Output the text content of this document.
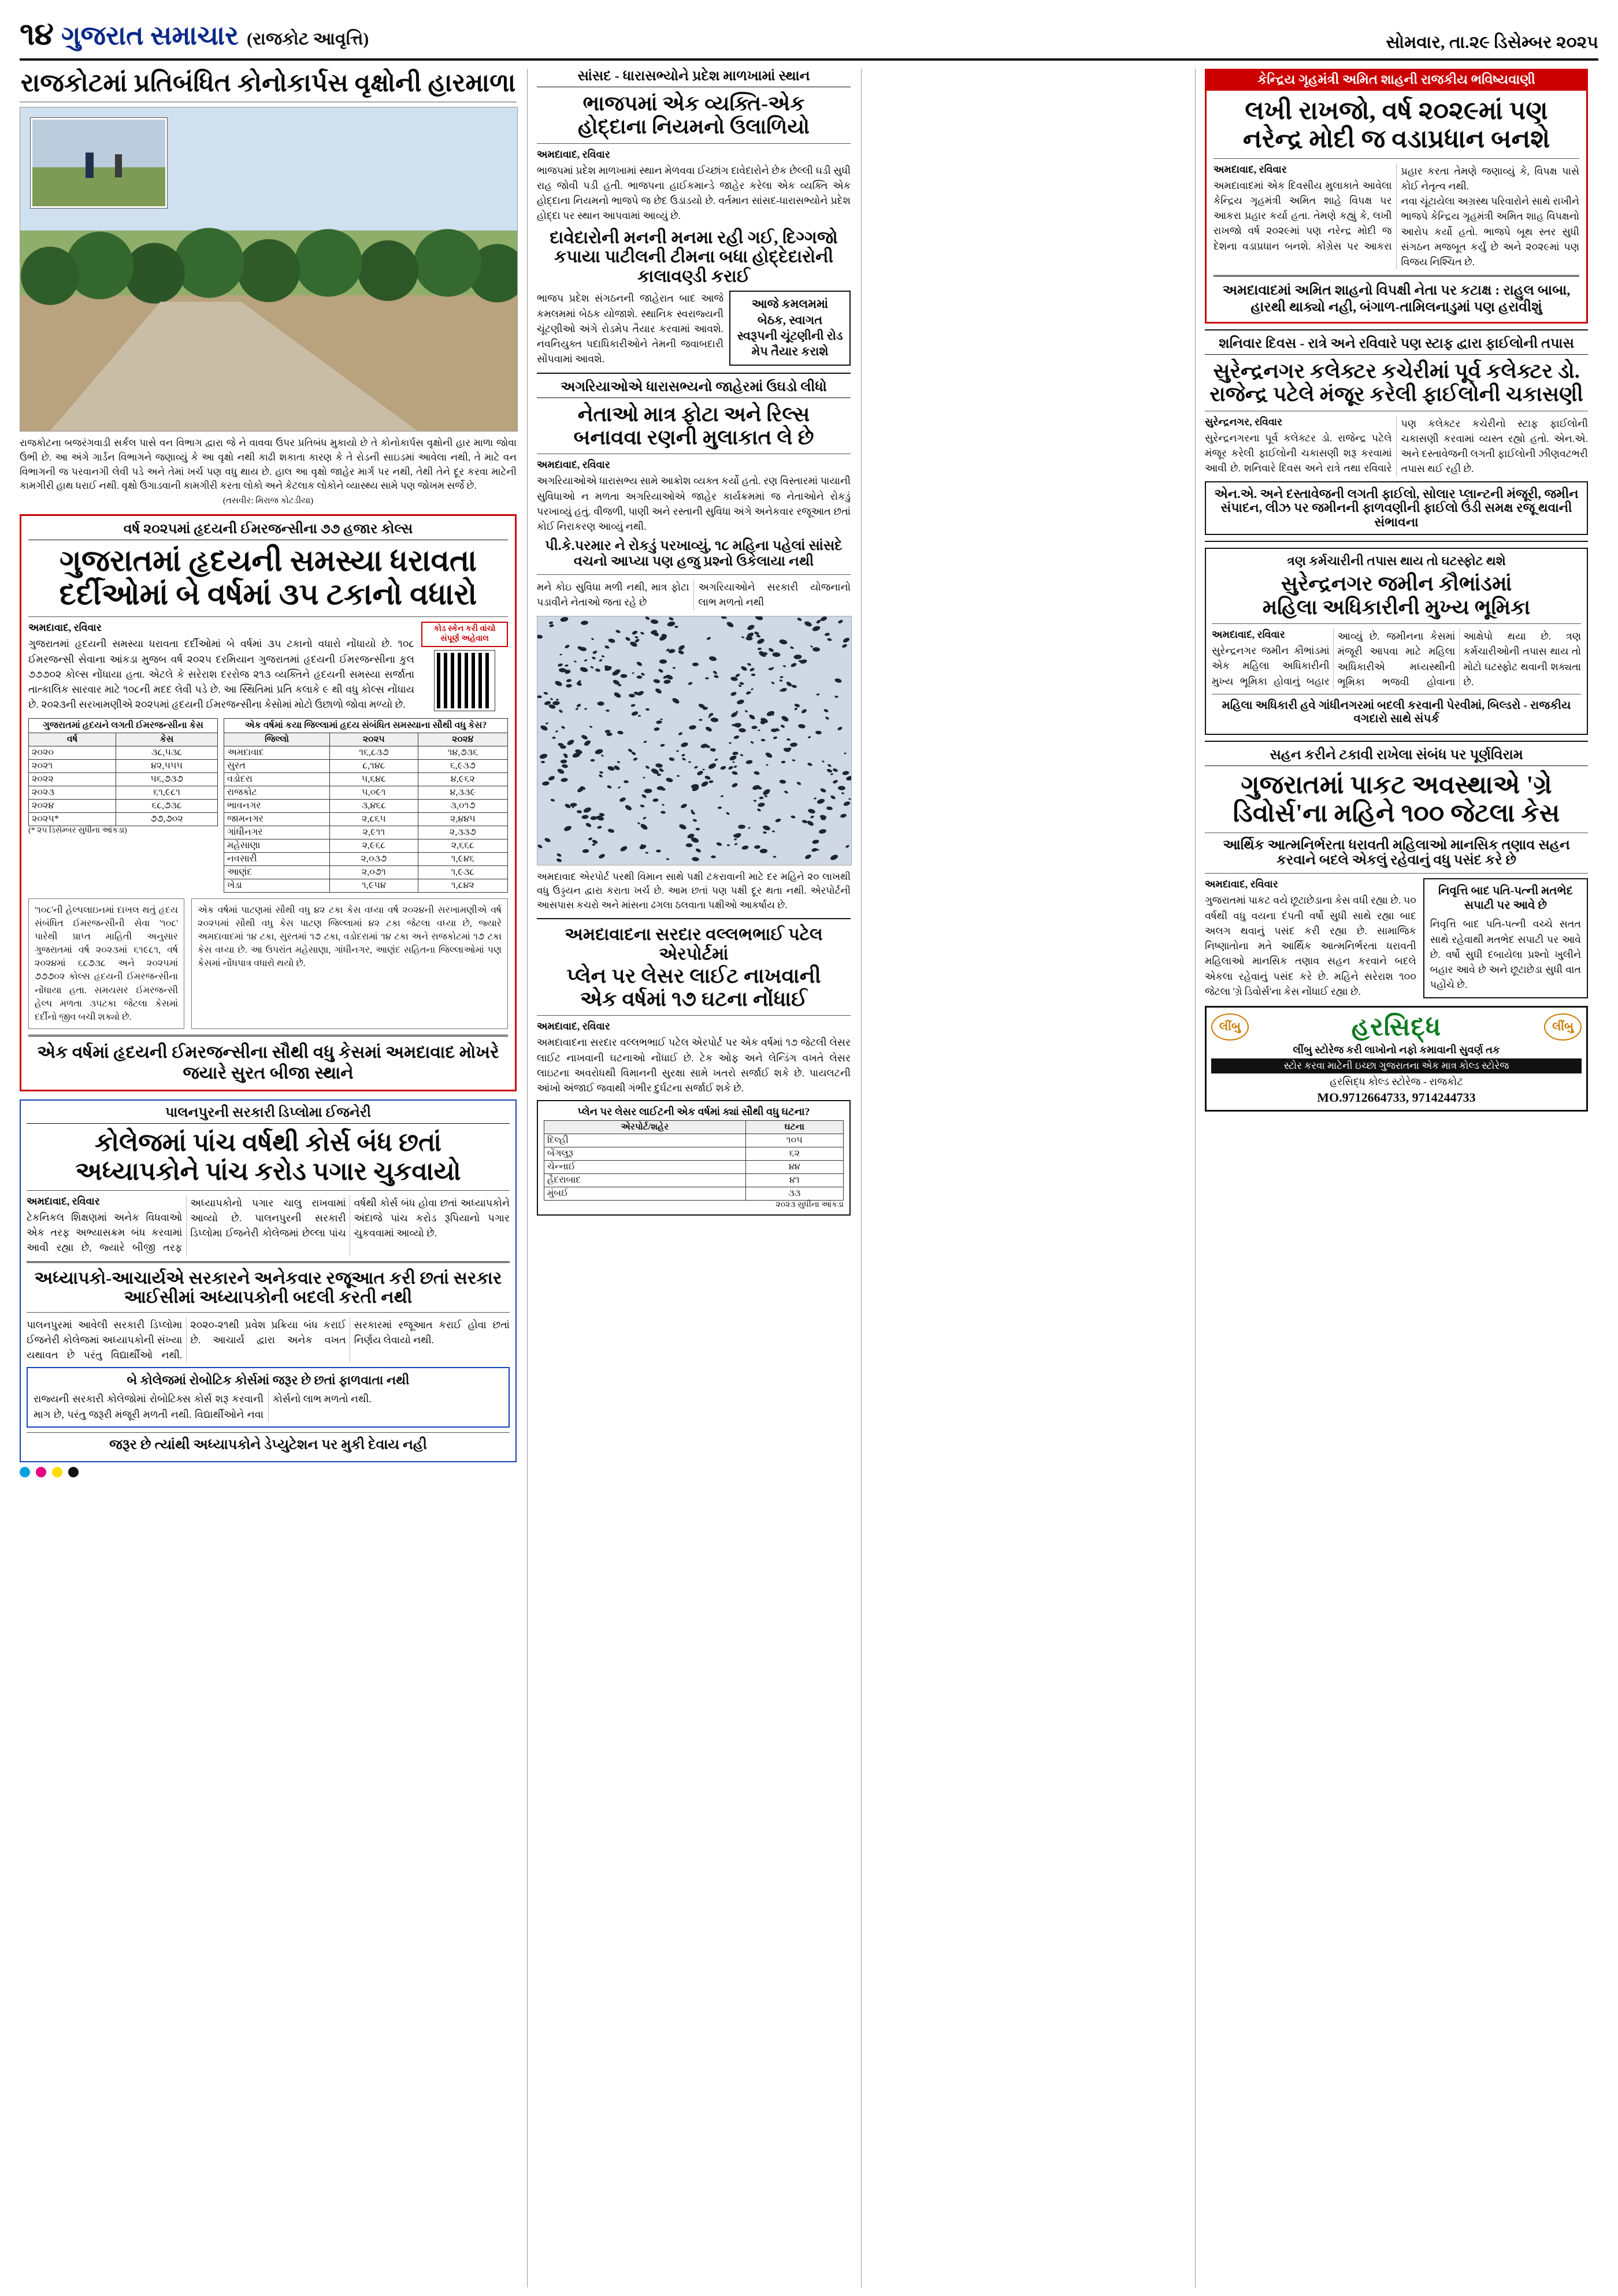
૧૪ ગુજરાત સમાચાર (રાજકોટ આવૃત્તિ)	સોમવાર, તા.૨૯ ડિસેમ્બર ૨૦૨૫
રાજકોટમાં પ્રતિબંધિત કોનોકાર્પસ વૃક્ષોની હારમાળા
રાજકોટના બજરંગવાડી સર્કલ પાસે વન વિભાગ દ્વારા જે ને વાવવા ઉપર પ્રતિબંધ મુકાયો છે તે કોનોકાર્પસ વૃક્ષોની હાર માળા જોવા ઉભી છે. આ અંગે ગાર્ડન વિભાગને જણાવ્યું કે આ વૃક્ષો નથી કાઢી શકાતા કારણ કે તે રોડની સાઇડમાં આવેલા નથી, તે માટે વન વિભાગની જ પરવાનગી લેવી પડે અને તેમાં ખર્ચ પણ વધુ થાય છે. હાલ આ વૃક્ષો જાહેર માર્ગ પર નથી, તેથી તેને દૂર કરવા માટેની કામગીરી હાથ ધરાઈ નથી. વૃક્ષો ઉગાડવાની કામગીરી કરતા લોકો અને કેટલાક લોકોને વ્યાસ્થ્ય સામે પણ જોખમ સર્જે છે.
(તસવીર: મિરાજ કોટડીયા)
વર્ષ ૨૦૨૫માં હૃદયની ઈમરજન્સીના ૭૭ હજાર કોલ્સ
ગુજરાતમાં હૃદયની સમસ્યા ધરાવતા
દર્દીઓમાં બે વર્ષમાં ૩૫ ટકાનો વધારો
અમદાવાદ, રવિવાર
ગુજરાતમાં હૃદયની સમસ્યા ધરાવતા દર્દીઓમાં બે વર્ષમાં ૩૫ ટકાનો વધારો નોંધાયો છે. ૧૦૮ ઈમરજન્સી સેવાના આંકડા મુજબ વર્ષ ૨૦૨૫ દરમિયાન ગુજરાતમાં હૃદયની ઈમરજન્સીના કુલ ૭૭૭૦૨ કોલ્સ નોંધાયા હતા. એટલે કે સરેરાશ દરરોજ ૨૧૩ વ્યક્તિને હૃદયની સમસ્યા સર્જાતા તાત્કાલિક સારવાર માટે ૧૦૮ની મદદ લેવી પડે છે. આ સ્થિતિમાં પ્રતિ કલાકે ૯ થી વધુ કોલ્સ નોંધાય છે. ૨૦૨૩ની સરખામણીએ ૨૦૨૫માં હૃદયની ઈમરજન્સીના કેસોમાં મોટો ઉછાળો જોવા મળ્યો છે.
કોડ સ્કેન કરી વાંચો સંપૂર્ણ અહેવાલ
ગુજરાતમાં હૃદયને લગતી ઈમરજન્સીના કેસ
વર્ષ	કેસ
૨૦૨૦	૩૮,૫૩૮
૨૦૨૧	૪૨,૫૫૫
૨૦૨૨	૫૬,૭૩૭
૨૦૨૩	૬૧,૯૮૧
૨૦૨૪	૬૮,૭૩૮
૨૦૨૫*	૭૭,૭૦૨
(* ૨૫ ડિસેમ્બર સુધીના આંકડા)
એક વર્ષમાં કયા જિલ્લામાં હૃદય સંબંધિત સમસ્યાના સૌથી વધુ કેસ?
જિલ્લો	૨૦૨૫	૨૦૨૪
અમદાવાદ	૧૬,૮૩૭	૧૪,૭૩૬
સુરત	૮,૧૪૮	૬,૯૩૭
વડોદરા	૫,૬૪૮	૪,૯૬૨
રાજકોટ	૫,૦૯૧	૪,૩૩૯
ભાવનગર	૩,૪૬૮	૩,૦૧૭
જામનગર	૨,૮૬૫	૨,૪૪૫
ગાંધીનગર	૨,૯૧૧	૨,૩૩૭
મહેસાણા	૨,૯૬૮	૨,૬૬૮
નવસારી	૨,૦૩૭	૧,૯૪૬
આણંદ	૨,૦૭૧	૧,૯૩૮
ખેડા	૧,૯૫૪	૧,૮૪૨
'૧૦૮'ની હેલ્પલાઇનમાં દાખલ થતું હૃદય સંબંધિત ઈમરજન્સીની સેવા '૧૦૮' પારેથી પ્રાપ્ત માહિતી અનુસાર ગુજરાતમાં વર્ષ ૨૦૨૩માં ૬૧૯૮૧, વર્ષ ૨૦૨૪માં ૬૮૭૩૮ અને ૨૦૨૫માં ૭૭૭૦૨ કોલ્સ હૃદયની ઈમરજન્સીના નોંધાયા હતા. સમયસર ઈમરજન્સી હેલ્પ મળતા ૩૫ટકા જેટલા કેસમાં દર્દીનો જીવ બચી શક્યો છે.
એક વર્ષમાં પાટણમાં સૌથી વધુ ૪૨ ટકા કેસ વધ્યા વર્ષ ૨૦૨૪ની સરખામણીએ વર્ષ ૨૦૨૫માં સૌથી વધુ કેસ પાટણ જિલ્લામાં ૪૨ ટકા જેટલા વધ્યા છે, જ્યારે અમદાવાદમાં ૧૪ ટકા, સુરતમાં ૧૭ ટકા, વડોદરામાં ૧૪ ટકા અને રાજકોટમાં ૧૭ ટકા કેસ વધ્યા છે. આ ઉપરાંત મહેસાણા, ગાંધીનગર, આણંદ સહિતના જિલ્લાઓમાં પણ કેસમાં નોંધપાત્ર વધારો થયો છે.
એક વર્ષમાં હૃદયની ઈમરજન્સીના સૌથી વધુ કેસમાં અમદાવાદ મોખરે જયારે સુરત બીજા સ્થાને
પાલનપુરની સરકારી ડિપ્લોમા ઈજનેરી
કોલેજમાં પાંચ વર્ષથી કોર્સ બંધ છતાં
અધ્યાપકોને પાંચ કરોડ પગાર ચુકવાયો
અમદાવાદ, રવિવાર
ટેકનિકલ શિક્ષણમાં અનેક વિધવાઓ એક તરફ અભ્યાસક્રમ બંધ કરવામાં આવી રહ્યા છે, જ્યારે બીજી તરફ અધ્યાપકોનો પગાર ચાલુ રાખવામાં આવ્યો છે. પાલનપુરની સરકારી ડિપ્લોમા ઈજનેરી કોલેજમાં છેલ્લા પાંચ વર્ષથી કોર્સ બંધ હોવા છતાં અધ્યાપકોને અંદાજે પાંચ કરોડ રૂપિયાનો પગાર ચુકવવામાં આવ્યો છે.
અધ્યાપકો-આચાર્યએ સરકારને અનેકવાર રજૂઆત કરી છતાં સરકાર આઈસીમાં અધ્યાપકોની બદલી કરતી નથી
પાલનપુરમાં આવેલી સરકારી ડિપ્લોમા ઈજનેરી કોલેજમાં અધ્યાપકોની સંખ્યા યથાવત છે પરંતુ વિદ્યાર્થીઓ નથી. ૨૦૨૦-૨૧થી પ્રવેશ પ્રક્રિયા બંધ કરાઈ છે. આચાર્ય દ્વારા અનેક વખત સરકારમાં રજૂઆત કરાઈ હોવા છતાં નિર્ણય લેવાયો નથી.
બે કોલેજમાં રોબોટિક કોર્સમાં જરૂર છે છતાં ફાળવાતા નથી
રાજ્યની સરકારી કોલેજોમાં રોબોટિક્સ કોર્સ શરૂ કરવાની માગ છે, પરંતુ જરૂરી મંજૂરી મળતી નથી. વિદ્યાર્થીઓને નવા કોર્સનો લાભ મળતો નથી.
જરૂર છે ત્યાંથી અધ્યાપકોને ડેપ્યુટેશન પર મુકી દેવાય નહી
સાંસદ - ધારાસભ્યોને પ્રદેશ માળખામાં સ્થાન
ભાજપમાં એક વ્યક્તિ-એક
હોદ્દાના નિયમનો ઉલાળિયો
અમદાવાદ, રવિવાર
ભાજપમાં પ્રદેશ માળખામાં સ્થાન મેળવવા ઈચ્છાંગ દાવેદારોને છેક છેલ્લી ઘડી સુધી રાહ જોવી પડી હતી. ભાજપના હાઈકમાન્ડે જાહેર કરેલા એક વ્યક્તિ એક હોદ્દાના નિયમનો ભાજપે જ છેદ ઉડાડયો છે. વર્તમાન સાંસદ-ધારાસભ્યોને પ્રદેશ હોદ્દા પર સ્થાન આપવામાં આવ્યું છે.
દાવેદારોની મનની મનમા રહી ગઈ, દિગ્ગજો કપાયા પાટીલની ટીમના બધા હોદ્દેદારોની કાલાવણ્ડી કરાઈ
ભાજપ પ્રદેશ સંગઠનની જાહેરાત બાદ આજે કમલમમાં બેઠક યોજાશે. સ્થાનિક સ્વરાજ્યની ચૂંટણીઓ અંગે રોડમેપ તૈયાર કરવામાં આવશે. નવનિયુક્ત પદાધિકારીઓને તેમની જવાબદારી સોંપવામાં આવશે.
આજે કમલમમાં બેઠક, સ્વાગત સ્વરૂપની ચૂંટણીની રોડ મેપ તૈયાર કરાશે
અગરિયાઓએ ધારાસભ્યનો જાહેરમાં ઉઘડો લીધો
નેતાઓ માત્ર ફોટા અને રિલ્સ
બનાવવા રણની મુલાકાત લે છે
અમદાવાદ, રવિવાર
અગરિયાઓએ ધારાસભ્ય સામે આક્રોશ વ્યક્ત કર્યો હતો. રણ વિસ્તારમાં પાયાની સુવિધાઓ ન મળતા અગરિયાઓએ જાહેર કાર્યક્રમમાં જ નેતાઓને રોકડું પરખાવ્યું હતું. વીજળી, પાણી અને રસ્તાની સુવિધા અંગે અનેકવાર રજૂઆત છતાં કોઈ નિરાકરણ આવ્યું નથી.
પી.કે.પરમાર ને રોકડું પરખાવ્યું, ૧૮ મહિના પહેલાં સાંસદે વચનો આપ્યા પણ હજુ પ્રશ્નો ઉકેલાયા નથી
મને કોઇ સુવિધા મળી નથી, માત્ર ફોટા પડાવીને નેતાઓ જતા રહે છે
અગરિયાઓને સરકારી યોજનાનો લાભ મળતો નથી
અમદાવાદ એરપોર્ટ પરથી વિમાન સાથે પક્ષી ટકરાવાની માટે દર મહિને ૨૦ લાખથી વધુ ઉડ્ડયન દ્વારા કરાતા ખર્ચ છે. આમ છતાં પણ પક્ષી દૂર થતા નથી. એરપોર્ટની આસપાસ કચરો અને માંસના ઢગલા ઠલવાતા પક્ષીઓ આકર્ષાય છે.
અમદાવાદના સરદાર વલ્લભભાઈ પટેલ એરપોર્ટમાં
પ્લેન પર લેસર લાઈટ નાખવાની
એક વર્ષમાં ૧૭ ઘટના નોંધાઈ
અમદાવાદ, રવિવાર
અમદાવાદના સરદાર વલ્લભભાઈ પટેલ એરપોર્ટ પર એક વર્ષમાં ૧૭ જેટલી લેસર લાઈટ નાખવાની ઘટનાઓ નોંધાઈ છે. ટેક ઓફ અને લેન્ડિંગ વખતે લેસર લાઇટના અવરોધથી વિમાનની સુરક્ષા સામે ખતરો સર્જાઈ શકે છે. પાયલટની આંખો અંજાઈ જવાથી ગંભીર દુર્ઘટના સર્જાઈ શકે છે.
પ્લેન પર લેસર લાઈટની એક વર્ષમાં ક્યાં સૌથી વધુ ઘટના?
એરપોર્ટ/શહેર	ઘટના
દિલ્હી	૧૦૫
બેંગલુરૂ	૬૨
ચેન્નાઈ	૪૪
હૈદરાબાદ	૪૧
મુંબઈ	૩૩
૨૦૨૩ સુધીના આંકડા
કેન્દ્રિય ગૃહમંત્રી અમિત શાહની રાજકીય ભવિષ્યવાણી
લખી રાખજો, વર્ષ ૨૦૨૯માં પણ
નરેન્દ્ર મોદી જ વડાપ્રધાન બનશે
અમદાવાદ, રવિવાર
અમદાવાદમાં એક દિવસીય મુલાકાતે આવેલા કેન્દ્રિય ગૃહમંત્રી અમિત શાહે વિપક્ષ પર આકરા પ્રહાર કર્યા હતા. તેમણે કહ્યું કે, લખી રાખજો વર્ષ ૨૦૨૯માં પણ નરેન્દ્ર મોદી જ દેશના વડાપ્રધાન બનશે. કોંગ્રેસ પર આકરા પ્રહાર કરતા તેમણે જણાવ્યું કે, વિપક્ષ પાસે કોઈ નેતૃત્વ નથી.
નવા ચૂંટાયેલા અગ્રસ્થ પરિવારોને સાથે રાખીને ભાજપે કેન્દ્રિય ગૃહમંત્રી અમિત શાહ વિપક્ષનો આરોપ કર્યો હતો. ભાજપે બૂથ સ્તર સુધી સંગઠન મજબૂત કર્યું છે અને ૨૦૨૯માં પણ વિજય નિશ્ચિત છે.
અમદાવાદમાં અમિત શાહનો વિપક્ષી નેતા પર કટાક્ષ : રાહુલ બાબા, હારથી થાક્યો નહી, બંગાળ-તામિલનાડુમાં પણ હરાવીશું
શનિવાર દિવસ - રાત્રે અને રવિવારે પણ સ્ટાફ દ્વારા ફાઈલોની તપાસ
સુરેન્દ્રનગર કલેક્ટર કચેરીમાં પૂર્વ કલેક્ટર ડો.
રાજેન્દ્ર પટેલે મંજૂર કરેલી ફાઈલોની ચકાસણી
સુરેન્દ્રનગર, રવિવાર
સુરેન્દ્રનગરના પૂર્વ કલેક્ટર ડો. રાજેન્દ્ર પટેલે મંજૂર કરેલી ફાઈલોની ચકાસણી શરૂ કરવામાં આવી છે. શનિવારે દિવસ અને રાત્રે તથા રવિવારે પણ કલેક્ટર કચેરીનો સ્ટાફ ફાઈલોની ચકાસણી કરવામાં વ્યસ્ત રહ્યો હતો. એન.એ. અને દસ્તાવેજની લગતી ફાઈલોની ઝીણવટભરી તપાસ થઈ રહી છે.
એન.એ. અને દસ્તાવેજની લગતી ફાઈલો, સોલાર પ્લાન્ટની મંજૂરી, જમીન સંપાદન, લીઝ પર જમીનની ફાળવણીની ફાઈલો ઉંડી સમક્ષ રજૂ થવાની સંભાવના
ત્રણ કર્મચારીની તપાસ થાય તો ઘટસ્ફોટ થશે
સુરેન્દ્રનગર જમીન કૌભાંડમાં
મહિલા અધિકારીની મુખ્ય ભૂમિકા
અમદાવાદ, રવિવાર
સુરેન્દ્રનગર જમીન કૌભાંડમાં એક મહિલા અધિકારીની મુખ્ય ભૂમિકા હોવાનું બહાર આવ્યું છે. જમીનના કેસમાં મંજૂરી આપવા માટે મહિલા અધિકારીએ મધ્યસ્થીની ભૂમિકા ભજવી હોવાના આક્ષેપો થયા છે. ત્રણ કર્મચારીઓની તપાસ થાય તો મોટો ઘટસ્ફોટ થવાની શક્યતા છે.
મહિલા અધિકારી હવે ગાંધીનગરમાં બદલી કરવાની પેરવીમાં, બિલ્ડરો - રાજકીય વગદારો સાથે સંપર્ક
સહન કરીને ટકાવી રાખેલા સંબંધ પર પૂર્ણવિરામ
ગુજરાતમાં પાકટ અવસ્થાએ 'ગ્રે
ડિવોર્સ'ના મહિને ૧૦૦ જેટલા કેસ
આર્થિક આત્મનિર્ભરતા ધરાવતી મહિલાઓ માનસિક તણાવ સહન કરવાને બદલે એકલું રહેવાનું વધુ પસંદ કરે છે
અમદાવાદ, રવિવાર
ગુજરાતમાં પાકટ વયે છૂટાછેડાના કેસ વધી રહ્યા છે. ૫૦ વર્ષથી વધુ વયના દંપતી વર્ષો સુધી સાથે રહ્યા બાદ અલગ થવાનું પસંદ કરી રહ્યા છે. સામાજિક નિષ્ણાતોના મતે આર્થિક આત્મનિર્ભરતા ધરાવતી મહિલાઓ માનસિક તણાવ સહન કરવાને બદલે એકલા રહેવાનું પસંદ કરે છે. મહિને સરેરાશ ૧૦૦ જેટલા 'ગ્રે ડિવોર્સ'ના કેસ નોંધાઈ રહ્યા છે.
નિવૃત્તિ બાદ પતિ-પત્ની મતભેદ સપાટી પર આવે છે
નિવૃત્તિ બાદ પતિ-પત્ની વચ્ચે સતત સાથે રહેવાથી મતભેદ સપાટી પર આવે છે. વર્ષો સુધી દબાયેલા પ્રશ્નો ખુલીને બહાર આવે છે અને છૂટાછેડા સુધી વાત પહોંચે છે.
લીંબુ	હરસિદ્ધ	લીંબુ
લીંબુ સ્ટોરેજ કરી લાખોનો નફો કમાવાની સુવર્ણ તક
સ્ટોર કરવા માટેની ઇચ્છા ગુજરાતના એક માત્ર કોલ્ડ સ્ટોરેજ
હરસિદ્ધ કોલ્ડ સ્ટોરેજ - રાજકોટ
MO.9712664733, 9714244733
